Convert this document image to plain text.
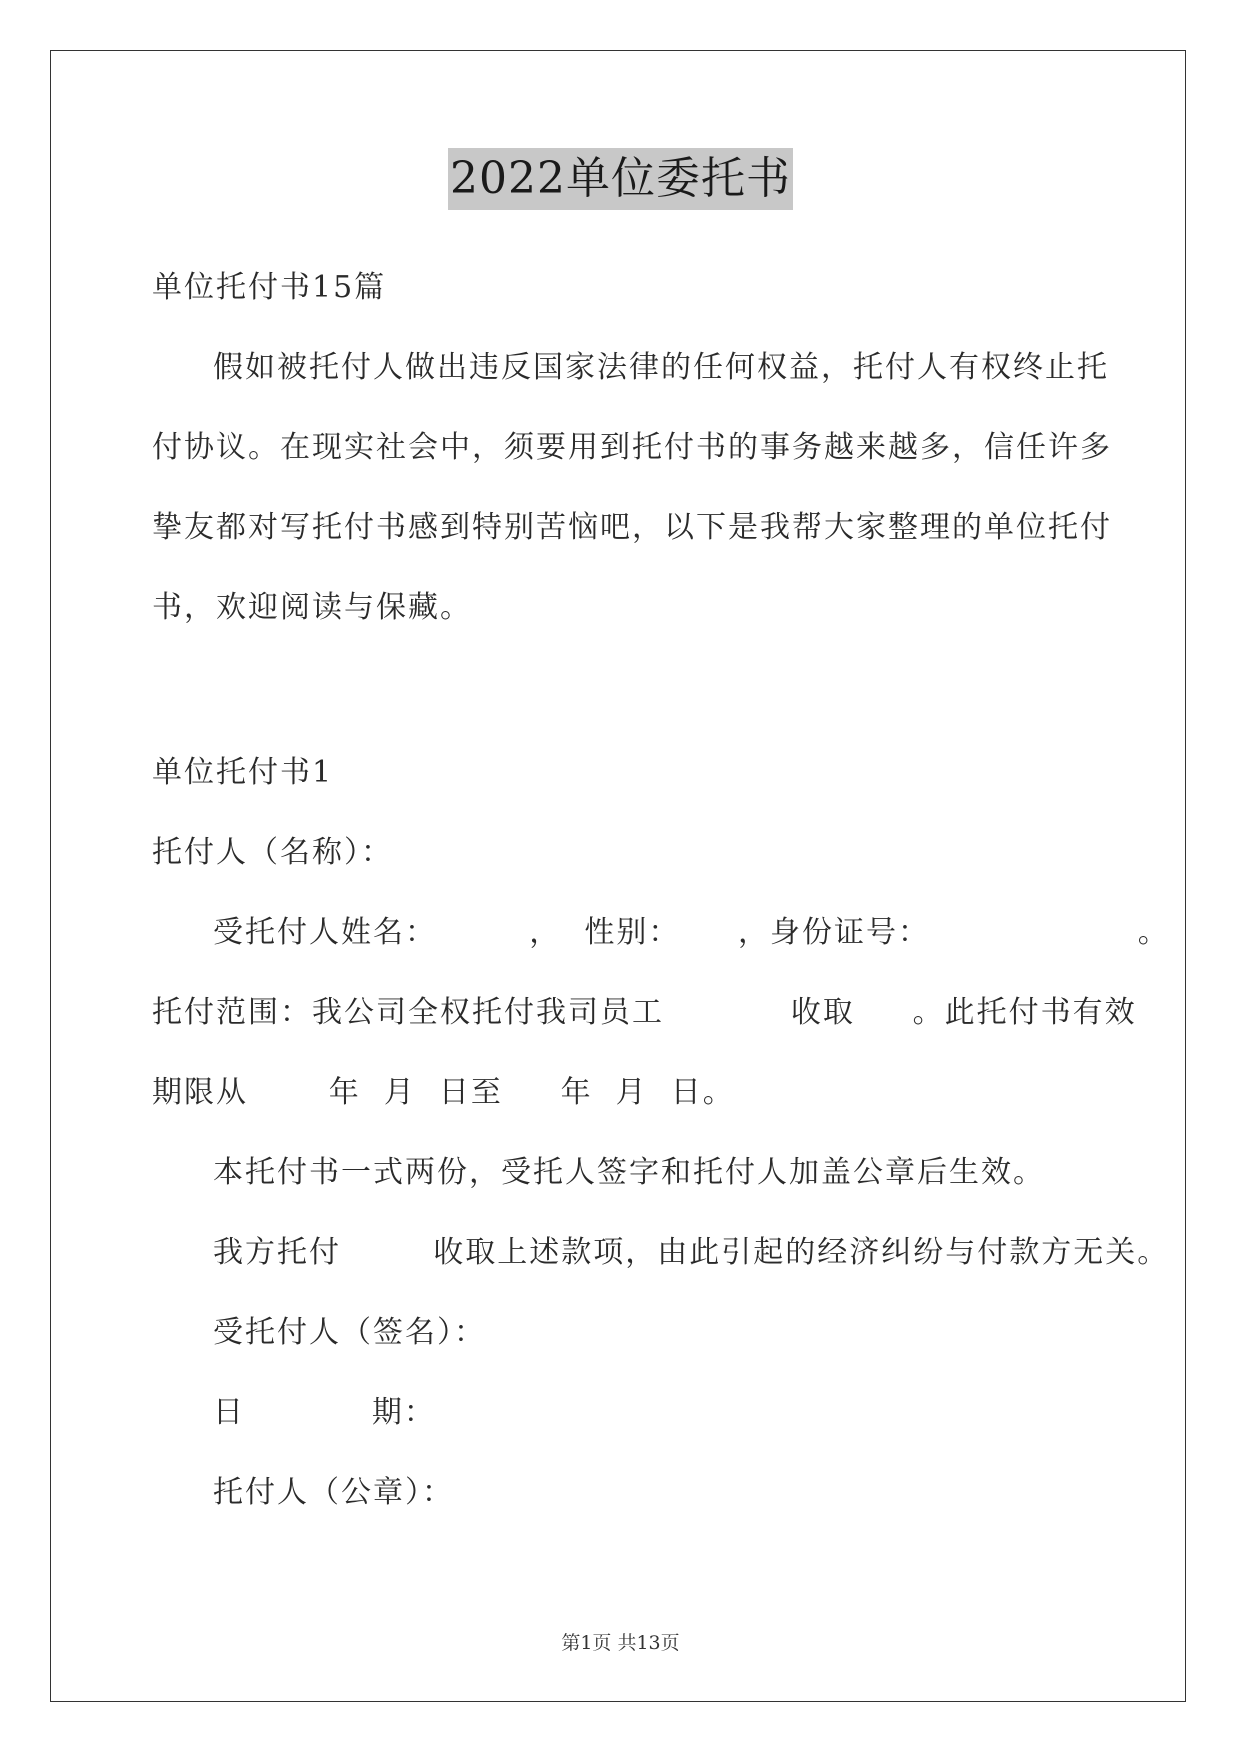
2022单位委托书
单位托付书15篇
假如被托付人做出违反国家法律的任何权益，托付人有权终止托
付协议。在现实社会中，须要用到托付书的事务越来越多，信任许多
挚友都对写托付书感到特别苦恼吧，以下是我帮大家整理的单位托付
书，欢迎阅读与保藏。
单位托付书1
托付人（名称）：
受托付人姓名：        ，  性别：     ，身份证号：                  。
托付范围：我公司全权托付我司员工           收取     。此托付书有效
期限从       年  月  日至     年  月  日。
本托付书一式两份，受托人签字和托付人加盖公章后生效。
我方托付        收取上述款项，由此引起的经济纠纷与付款方无关。
受托付人（签名）：
日           期：
托付人（公章）：
第1页 共13页
